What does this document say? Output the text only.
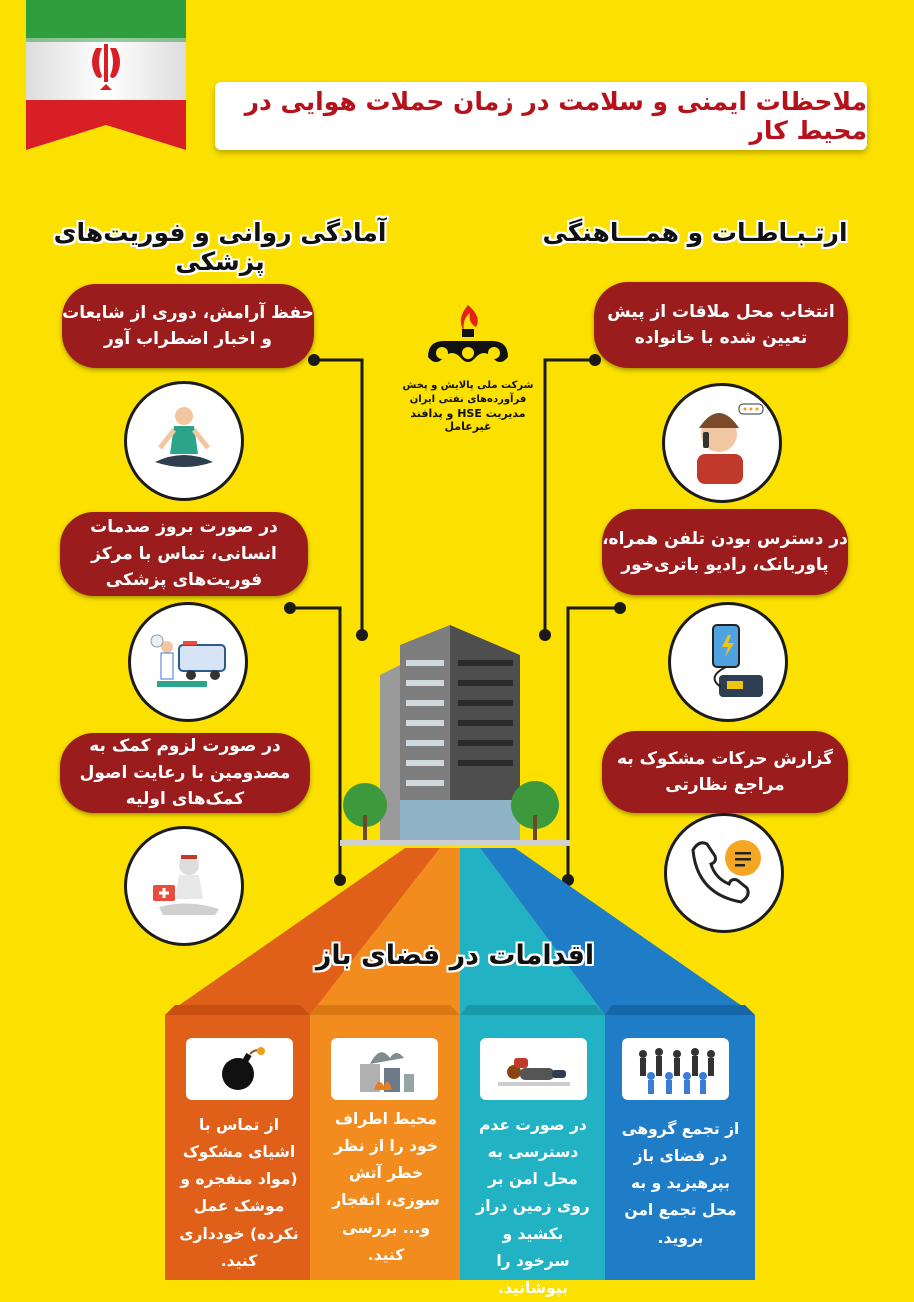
ملاحظات ایمنی و سلامت در زمان حملات هوایی در محیط کار
ارتـبـاطـات و همـــاهنگی
آمادگی روانی و فوریت‌های پزشکی
شرکت ملی پالایش و پخش فرآورده‌های نفتی ایران
مدیریت HSE و پدافند غیرعامل
انتخاب محل ملاقات از پیش تعیین شده با خانواده
در دسترس بودن تلفن همراه، پاوربانک، رادیو باتری‌خور
گزارش حرکات مشکوک به مراجع نظارتی
حفظ آرامش، دوری از شایعات و اخبار اضطراب آور
در صورت بروز صدمات انسانی، تماس با مرکز فوریت‌های پزشکی
در صورت لزوم کمک به مصدومین با رعایت اصول کمک‌های اولیه
اقدامات در فضای باز
از تماس با اشیای مشکوک (مواد منفجره و موشک عمل نکرده) خودداری کنید.
محیط اطراف خود را از نظر خطر آتش سوزی، انفجار و... بررسی کنید.
در صورت عدم دسترسی به محل امن بر روی زمین دراز بکشید و سرخود را بپوشانید.
از تجمع گروهی در فضای باز بپرهیزید و به محل تجمع امن بروید.
